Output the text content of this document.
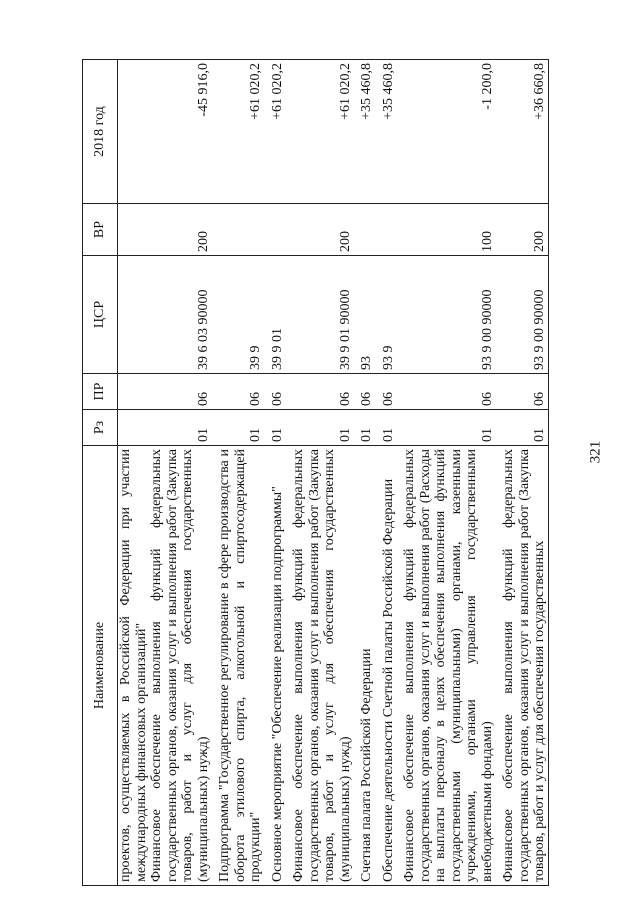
321
Наименование	Рз	ПР	ЦСР	ВР	2018 год
проектов, осуществляемых в Российской Федерации при участии международных финансовых организаций"					
Финансовое обеспечение выполнения функций федеральных государственных органов, оказания услуг и выполнения работ (Закупка товаров, работ и услуг для обеспечения государственных (муниципальных) нужд)	01	06	39 6 03 90000	200	-45 916,0

Подпрограмма "Государственное регулирование в сфере производства и оборота этилового спирта, алкогольной и спиртосодержащей продукции"	01	06	39 9		+61 020,2

Основное мероприятие "Обеспечение реализации подпрограммы"	01	06	39 9 01		+61 020,2

Финансовое обеспечение выполнения функций федеральных государственных органов, оказания услуг и выполнения работ (Закупка товаров, работ и услуг для обеспечения государственных (муниципальных) нужд)	01	06	39 9 01 90000	200	+61 020,2

Счетная палата Российской Федерации	01	06	93		+35 460,8

Обеспечение деятельности Счетной палаты Российской Федерации	01	06	93 9		+35 460,8

Финансовое обеспечение выполнения функций федеральных государственных органов, оказания услуг и выполнения работ (Расходы на выплаты персоналу в целях обеспечения выполнения функций государственными (муниципальными) органами, казенными учреждениями, органами управления государственными внебюджетными фондами)	01	06	93 9 00 90000	100	-1 200,0

Финансовое обеспечение выполнения функций федеральных государственных органов, оказания услуг и выполнения работ (Закупка товаров, работ и услуг для обеспечения государственных	01	06	93 9 00 90000	200	+36 660,8
